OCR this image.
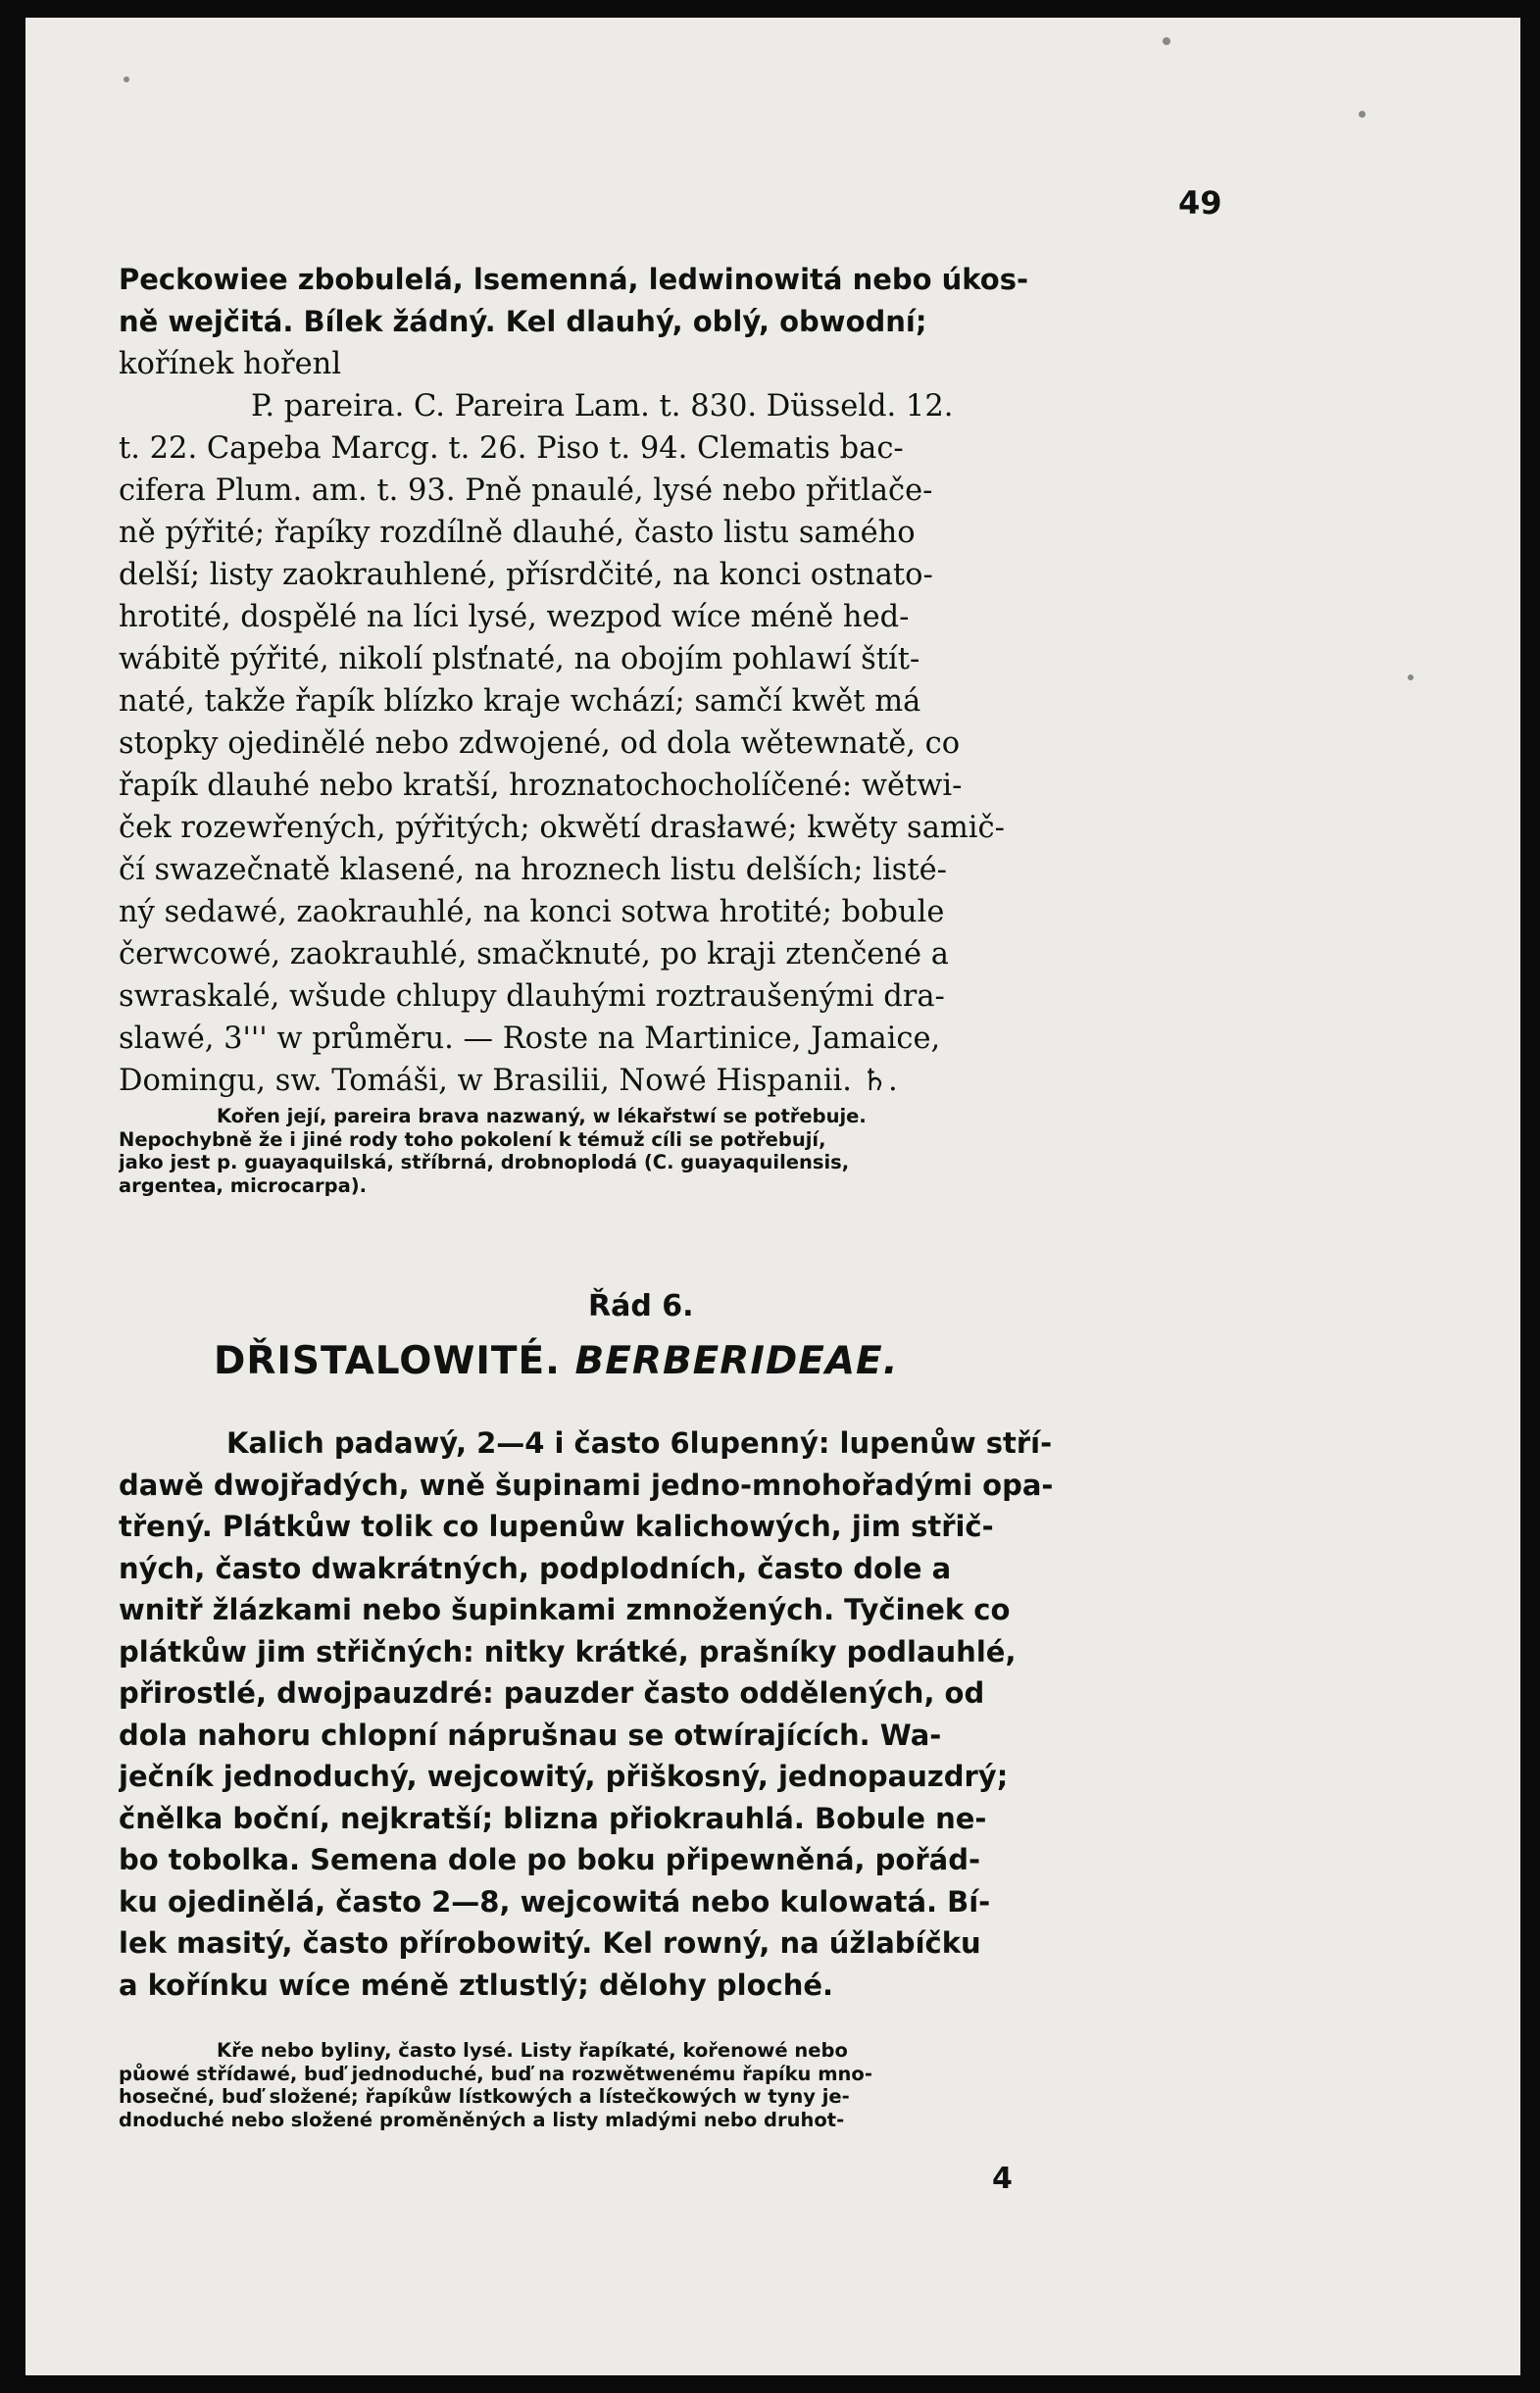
49
Peckowiee zbobulelá, lsemenná, ledwinowitá nebo úkos-
ně wejčitá. Bílek žádný. Kel dlauhý, oblý, obwodní;
kořínek hořenl
P. pareira. C. Pareira Lam. t. 830. Düsseld. 12.
t. 22. Capeba Marcg. t. 26. Piso t. 94. Clematis bac-
cifera Plum. am. t. 93. Pně pnaulé, lysé nebo přitlače-
ně pýřité; řapíky rozdílně dlauhé, často listu samého
delší; listy zaokrauhlené, přísrdčité, na konci ostnato-
hrotité, dospělé na líci lysé, wezpod wíce méně hed-
wábitě pýřité, nikolí plsťnaté, na obojím pohlawí štít-
naté, takže řapík blízko kraje wchází; samčí kwět má
stopky ojedinělé nebo zdwojené, od dola wětewnatě, co
řapík dlauhé nebo kratší, hroznatochocholíčené: wětwi-
ček rozewřených, pýřitých; okwětí drasławé; kwěty samič-
čí swazečnatě klasené, na hroznech listu delších; listé-
ný sedawé, zaokrauhlé, na konci sotwa hrotité; bobule
čerwcowé, zaokrauhlé, smačknuté, po kraji ztenčené a
swraskalé, wšude chlupy dlauhými roztraušenými dra-
slawé, 3''' w průměru. — Roste na Martinice, Jamaice,
Domingu, sw. Tomáši, w Brasilii, Nowé Hispanii. ♄.
Kořen její, pareira brava nazwaný, w lékařstwí se potřebuje.
Nepochybně že i jiné rody toho pokolení k témuž cíli se potřebují,
jako jest p. guayaquilská, stříbrná, drobnoplodá (C. guayaquilensis,
argentea, microcarpa).
Řád 6.
DŘISTALOWITÉ. BERBERIDEAE.
Kalich padawý, 2—4 i často 6lupenný: lupenůw stří-
dawě dwojřadých, wně šupinami jedno-mnohořadými opa-
třený. Plátkůw tolik co lupenůw kalichowých, jim střič-
ných, často dwakrátných, podplodních, často dole a
wnitř žlázkami nebo šupinkami zmnožených. Tyčinek co
plátkůw jim střičných: nitky krátké, prašníky podlauhlé,
přirostlé, dwojpauzdré: pauzder často oddělených, od
dola nahoru chlopní náprušnau se otwírajících. Wa-
ječník jednoduchý, wejcowitý, přiškosný, jednopauzdrý;
čnělka boční, nejkratší; blizna přiokrauhlá. Bobule ne-
bo tobolka. Semena dole po boku připewněná, pořád-
ku ojedinělá, často 2—8, wejcowitá nebo kulowatá. Bí-
lek masitý, často přírobowitý. Kel rowný, na úžlabíčku
a kořínku wíce méně ztlustlý; dělohy ploché.
Kře nebo byliny, často lysé. Listy řapíkaté, kořenowé nebo
půowé střídawé, buď jednoduché, buď na rozwětwenému řapíku mno-
hosečné, buď složené; řapíkůw lístkowých a lístečkowých w tyny je-
dnoduché nebo složené proměněných a listy mladými nebo druhot-
4
